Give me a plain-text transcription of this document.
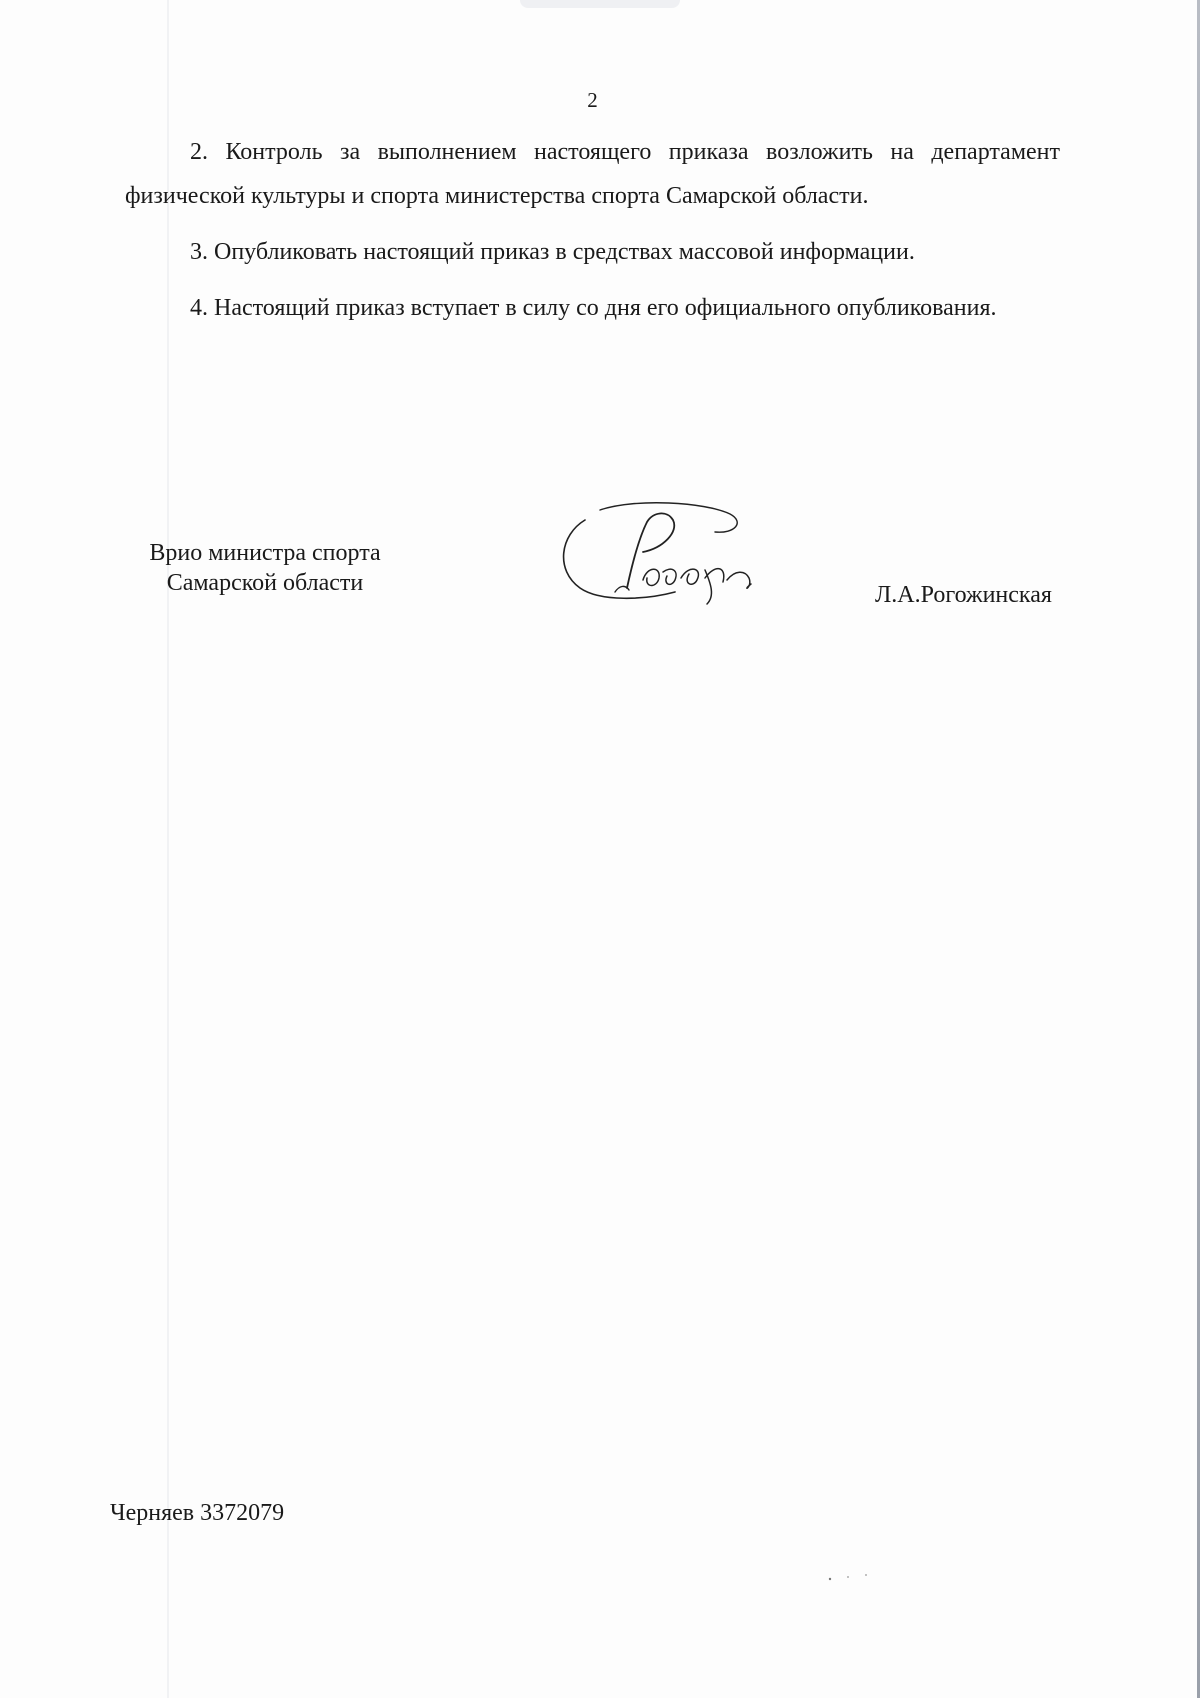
2

2. Контроль за выполнением настоящего приказа возложить на департамент физической культуры и спорта министерства спорта Самарской области.

3. Опубликовать настоящий приказ в средствах массовой информации.

4. Настоящий приказ вступает в силу со дня его официального опубликования.

Врио министра спорта
Самарской области
Рогож
Л.А.Рогожинская
Черняев 3372079
